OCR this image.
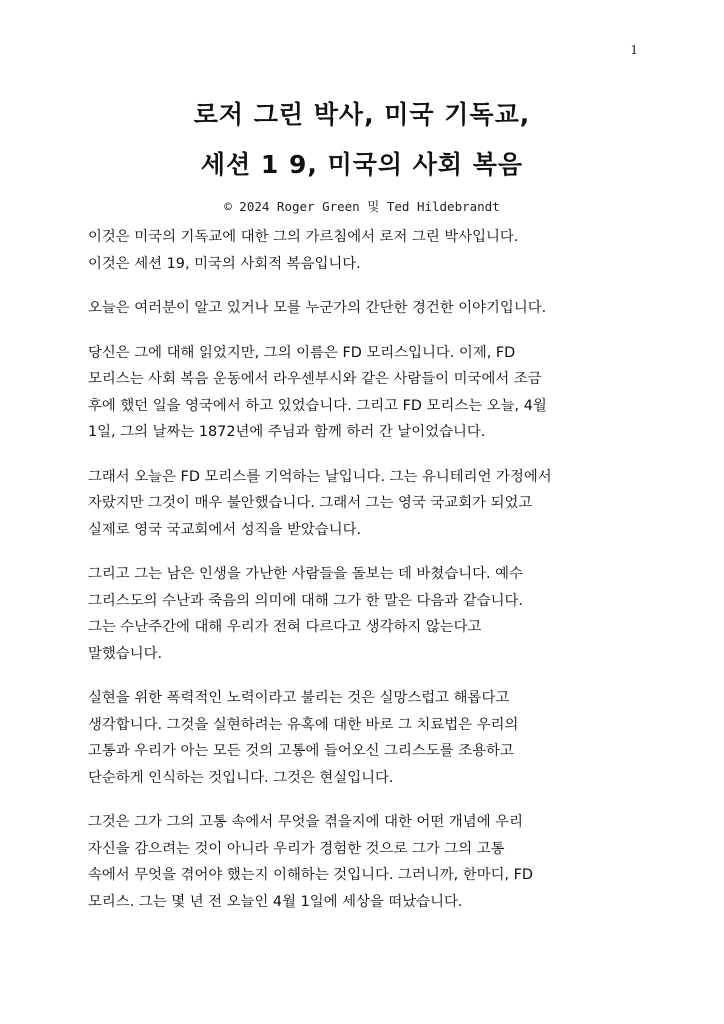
1

로저 그린 박사, 미국 기독교,

세션 1 9, 미국의 사회 복음

© 2024 Roger Green 및 Ted Hildebrandt

이것은 미국의 기독교에 대한 그의 가르침에서 로저 그린 박사입니다.
이것은 세션 19, 미국의 사회적 복음입니다.

오늘은 여러분이 알고 있거나 모를 누군가의 간단한 경건한 이야기입니다.

당신은 그에 대해 읽었지만, 그의 이름은 FD 모리스입니다. 이제, FD
모리스는 사회 복음 운동에서 라우센부시와 같은 사람들이 미국에서 조금
후에 했던 일을 영국에서 하고 있었습니다. 그리고 FD 모리스는 오늘, 4월
1일, 그의 날짜는 1872년에 주님과 함께 하러 간 날이었습니다.

그래서 오늘은 FD 모리스를 기억하는 날입니다. 그는 유니테리언 가정에서
자랐지만 그것이 매우 불안했습니다. 그래서 그는 영국 국교회가 되었고
실제로 영국 국교회에서 성직을 받았습니다.

그리고 그는 남은 인생을 가난한 사람들을 돌보는 데 바쳤습니다. 예수
그리스도의 수난과 죽음의 의미에 대해 그가 한 말은 다음과 같습니다.
그는 수난주간에 대해 우리가 전혀 다르다고 생각하지 않는다고
말했습니다.

실현을 위한 폭력적인 노력이라고 불리는 것은 실망스럽고 해롭다고
생각합니다. 그것을 실현하려는 유혹에 대한 바로 그 치료법은 우리의
고통과 우리가 아는 모든 것의 고통에 들어오신 그리스도를 조용하고
단순하게 인식하는 것입니다. 그것은 현실입니다.

그것은 그가 그의 고통 속에서 무엇을 겪을지에 대한 어떤 개념에 우리
자신을 감으려는 것이 아니라 우리가 경험한 것으로 그가 그의 고통
속에서 무엇을 겪어야 했는지 이해하는 것입니다. 그러니까, 한마디, FD
모리스. 그는 몇 년 전 오늘인 4월 1일에 세상을 떠났습니다.
